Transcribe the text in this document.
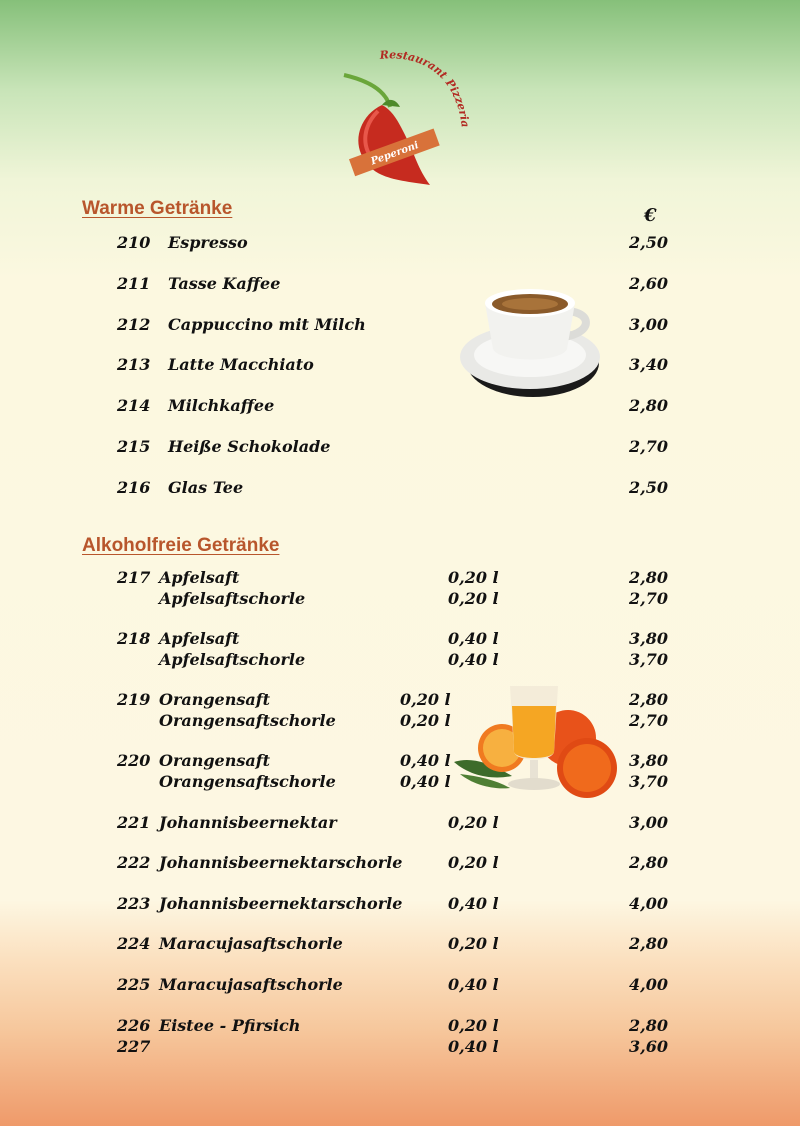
Peperoni
Restaurant Pizzeria
Warme Getränke	€
210 Espresso	2,50
211 Tasse Kaffee	2,60
212 Cappuccino mit Milch	3,00
213 Latte Macchiato	3,40
214 Milchkaffee	2,80
215 Heiße Schokolade	2,70
216 Glas Tee	2,50
Alkoholfreie Getränke
217 Apfelsaft	0,20 l	2,80
Apfelsaftschorle	0,20 l	2,70
218 Apfelsaft	0,40 l	3,80
Apfelsaftschorle	0,40 l	3,70
219 Orangensaft	0,20 l	2,80
Orangensaftschorle	0,20 l	2,70
220 Orangensaft	0,40 l	3,80
Orangensaftschorle	0,40 l	3,70
221 Johannisbeernektar	0,20 l	3,00
222 Johannisbeernektarschorle	0,20 l	2,80
223 Johannisbeernektarschorle	0,40 l	4,00
224 Maracujasaftschorle	0,20 l	2,80
225 Maracujasaftschorle	0,40 l	4,00
226 Eistee - Pfirsich	0,20 l	2,80
227	0,40 l	3,60
